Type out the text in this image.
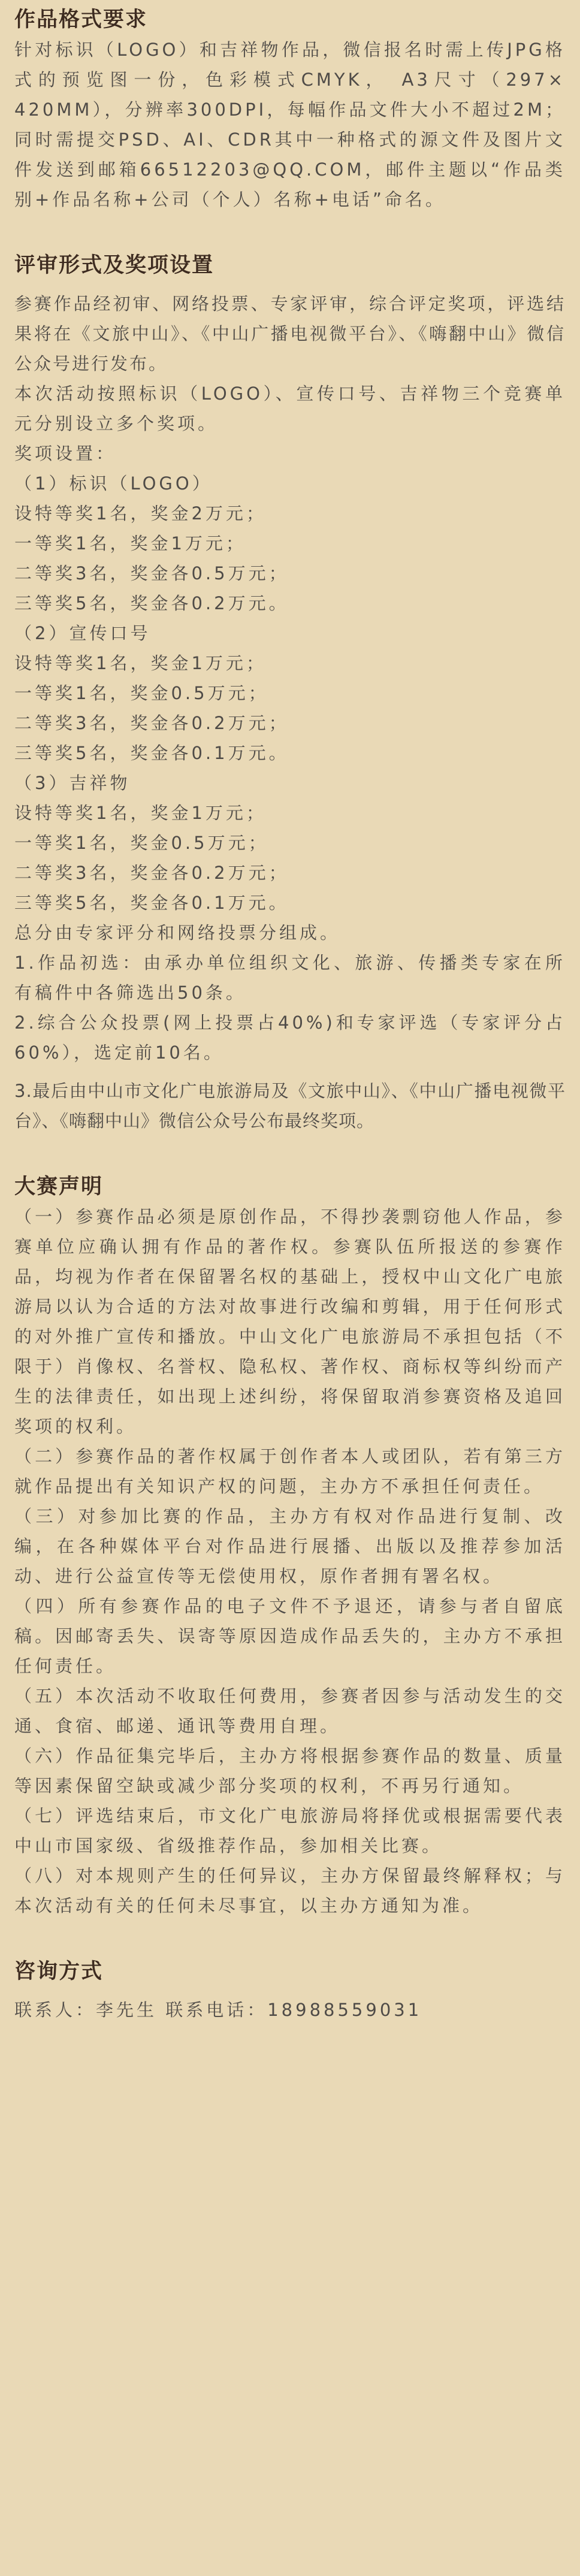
作品格式要求

针对标识（LOGO）和吉祥物作品，微信报名时需上传JPG格式的预览图一份，色彩模式CMYK， A3尺寸（297× 420MM），分辨率300DPI，每幅作品文件大小不超过2M；同时需提交PSD、AI、CDR其中一种格式的源文件及图片文件发送到邮箱66512203@QQ.COM，邮件主题以“作品类别+作品名称+公司（个人）名称+电话”命名。

评审形式及奖项设置

参赛作品经初审、网络投票、专家评审，综合评定奖项，评选结果将在《文旅中山》、《中山广播电视微平台》、《嗨翻中山》微信公众号进行发布。

本次活动按照标识（LOGO）、宣传口号、吉祥物三个竞赛单元分别设立多个奖项。

奖项设置：

（1）标识（LOGO）

设特等奖1名，奖金2万元；

一等奖1名，奖金1万元；

二等奖3名，奖金各0.5万元；

三等奖5名，奖金各0.2万元。

（2）宣传口号

设特等奖1名，奖金1万元；

一等奖1名，奖金0.5万元；

二等奖3名，奖金各0.2万元；

三等奖5名，奖金各0.1万元。

（3）吉祥物

设特等奖1名，奖金1万元；

一等奖1名，奖金0.5万元；

二等奖3名，奖金各0.2万元；

三等奖5名，奖金各0.1万元。

总分由专家评分和网络投票分组成。

1.作品初选：由承办单位组织文化、旅游、传播类专家在所有稿件中各筛选出50条。

2.综合公众投票(网上投票占40%)和专家评选（专家评分占60%），选定前10名。

3.最后由中山市文化广电旅游局及《文旅中山》、《中山广播电视微平台》、《嗨翻中山》微信公众号公布最终奖项。

大赛声明

（一）参赛作品必须是原创作品，不得抄袭剽窃他人作品，参赛单位应确认拥有作品的著作权。参赛队伍所报送的参赛作品，均视为作者在保留署名权的基础上，授权中山文化广电旅游局以认为合适的方法对故事进行改编和剪辑，用于任何形式的对外推广宣传和播放。中山文化广电旅游局不承担包括（不限于）肖像权、名誉权、隐私权、著作权、商标权等纠纷而产生的法律责任，如出现上述纠纷，将保留取消参赛资格及追回奖项的权利。

（二）参赛作品的著作权属于创作者本人或团队，若有第三方就作品提出有关知识产权的问题，主办方不承担任何责任。

（三）对参加比赛的作品，主办方有权对作品进行复制、改编，在各种媒体平台对作品进行展播、出版以及推荐参加活动、进行公益宣传等无偿使用权，原作者拥有署名权。

（四）所有参赛作品的电子文件不予退还，请参与者自留底稿。因邮寄丢失、误寄等原因造成作品丢失的，主办方不承担任何责任。

（五）本次活动不收取任何费用，参赛者因参与活动发生的交通、食宿、邮递、通讯等费用自理。

（六）作品征集完毕后，主办方将根据参赛作品的数量、质量等因素保留空缺或减少部分奖项的权利，不再另行通知。

（七）评选结束后，市文化广电旅游局将择优或根据需要代表中山市国家级、省级推荐作品，参加相关比赛。

（八）对本规则产生的任何异议，主办方保留最终解释权；与本次活动有关的任何未尽事宜，以主办方通知为准。

咨询方式

联系人：李先生 联系电话：18988559031
